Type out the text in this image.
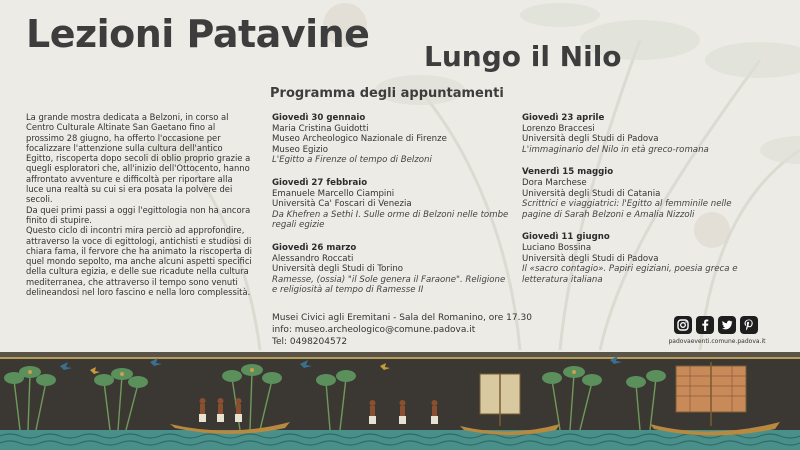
Lezioni Patavine
Lungo il Nilo
Programma degli appuntamenti

La grande mostra dedicata a Belzoni, in corso al Centro Culturale Altinate San Gaetano fino al prossimo 28 giugno, ha offerto l'occasione per focalizzare l'attenzione sulla cultura dell'antico Egitto, riscoperta dopo secoli di oblio proprio grazie a quegli esploratori che, all'inizio dell'Ottocento, hanno affrontato avventure e difficoltà per riportare alla luce una realtà su cui si era posata la polvere dei secoli.

Da quei primi passi a oggi l'egittologia non ha ancora finito di stupire.

Questo ciclo di incontri mira perciò ad approfondire, attraverso la voce di egittologi, antichisti e studiosi di chiara fama, il fervore che ha animato la riscoperta di quel mondo sepolto, ma anche alcuni aspetti specifici della cultura egizia, e delle sue ricadute nella cultura mediterranea, che attraverso il tempo sono venuti delineandosi nel loro fascino e nella loro complessità.

Giovedì 30 gennaio
Maria Cristina Guidotti
Museo Archeologico Nazionale di Firenze
Museo Egizio
L'Egitto a Firenze ol tempo di Belzoni
Giovedì 27 febbraio
Emanuele Marcello Ciampini
Università Ca' Foscari di Venezia
Da Khefren a Sethi I. Sulle orme di Belzoni nelle tombe regali egizie
Giovedì 26 marzo
Alessandro Roccati
Università degli Studi di Torino
Ramesse, (ossia) "il Sole genera il Faraone". Religione e religiosità al tempo di Ramesse II
Giovedì 23 aprile
Lorenzo Braccesi
Università degli Studi di Padova
L'immaginario del Nilo in età greco-romana
Venerdì 15 maggio
Dora Marchese
Università degli Studi di Catania
Scrittrici e viaggiatrici: l'Egitto al femminile nelle pagine di Sarah Belzoni e Amalia Nizzoli
Giovedì 11 giugno
Luciano Bossina
Università degli Studi di Padova
Il «sacro contagio». Papiri egiziani, poesia greca e letteratura italiana
Musei Civici agli Eremitani - Sala del Romanino, ore 17.30
info: museo.archeologico@comune.padova.it
Tel: 0498204572	padovaeventi.comune.padova.it
